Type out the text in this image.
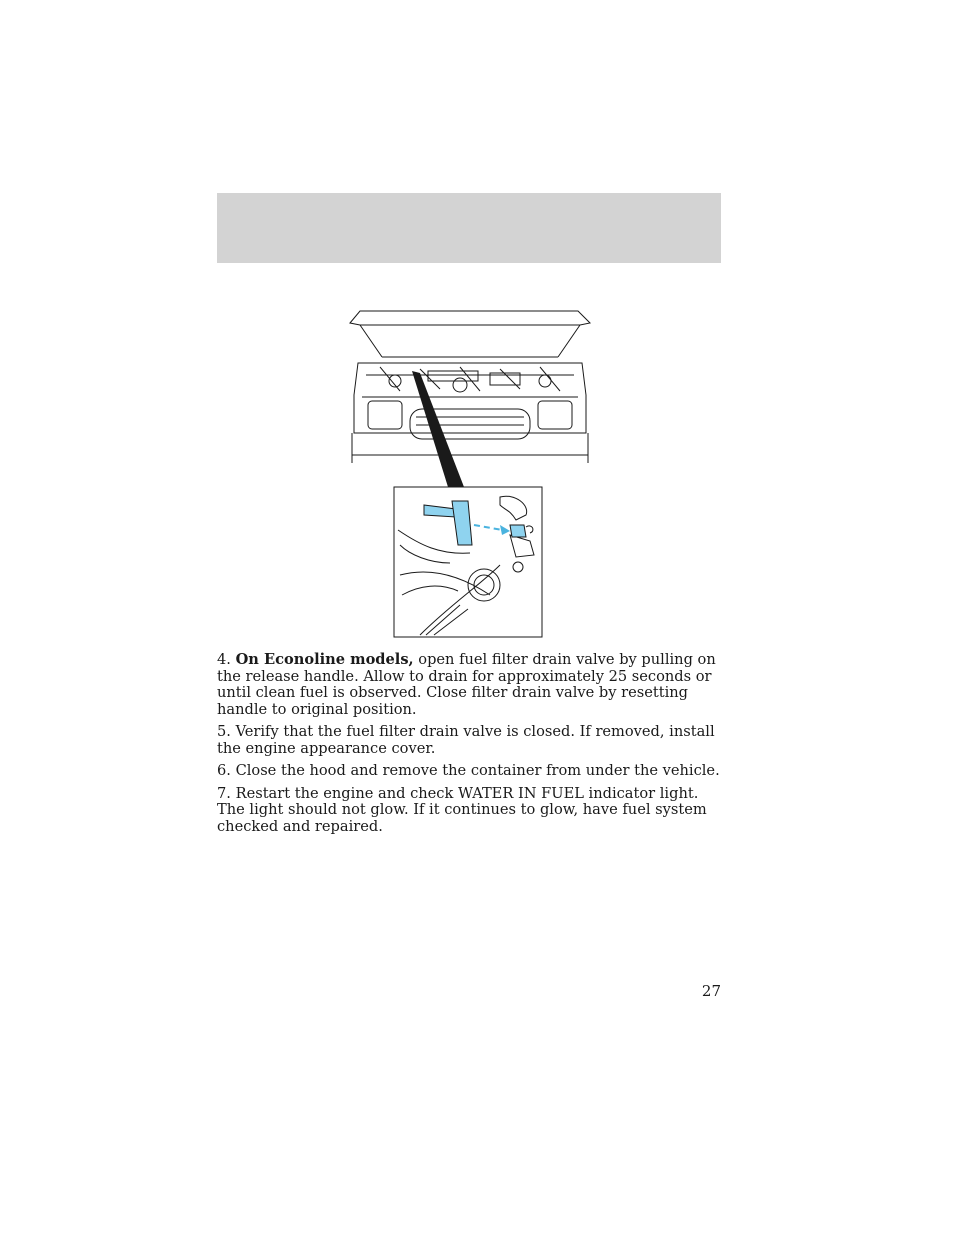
4. On Econoline models, open fuel filter drain valve by pulling on the release handle. Allow to drain for approximately 25 seconds or until clean fuel is observed. Close filter drain valve by resetting handle to original position.

5. Verify that the fuel filter drain valve is closed. If removed, install the engine appearance cover.

6. Close the hood and remove the container from under the vehicle.

7. Restart the engine and check WATER IN FUEL indicator light. The light should not glow. If it continues to glow, have fuel system checked and repaired.

27
